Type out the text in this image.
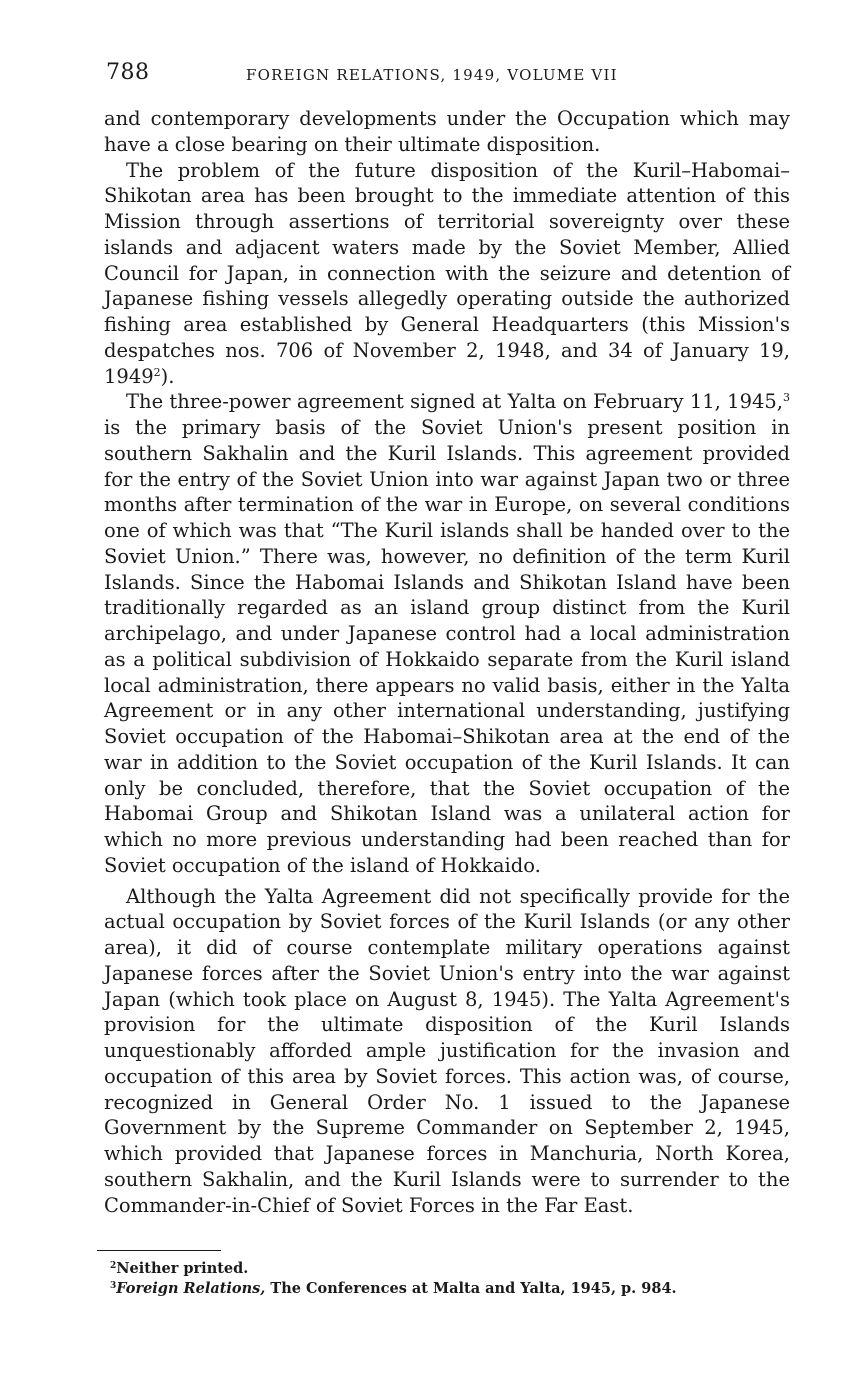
788	FOREIGN RELATIONS, 1949, VOLUME VII

and contemporary developments under the Occupation which may have a close bearing on their ultimate disposition.

The problem of the future disposition of the Kuril–Habomai–Shikotan area has been brought to the immediate attention of this Mission through assertions of territorial sovereignty over these islands and adjacent waters made by the Soviet Member, Allied Council for Japan, in connection with the seizure and detention of Japanese fishing vessels allegedly operating outside the authorized fishing area established by General Headquarters (this Mission's despatches nos. 706 of November 2, 1948, and 34 of January 19, 1949$^2$).

The three-power agreement signed at Yalta on February 11, 1945,$^3$ is the primary basis of the Soviet Union's present position in southern Sakhalin and the Kuril Islands. This agreement provided for the entry of the Soviet Union into war against Japan two or three months after termination of the war in Europe, on several conditions one of which was that “The Kuril islands shall be handed over to the Soviet Union.” There was, however, no definition of the term Kuril Islands. Since the Habomai Islands and Shikotan Island have been traditionally regarded as an island group distinct from the Kuril archipelago, and under Japanese control had a local administration as a political subdivision of Hokkaido separate from the Kuril island local administration, there appears no valid basis, either in the Yalta Agreement or in any other international understanding, justifying Soviet occupation of the Habomai–Shikotan area at the end of the war in addition to the Soviet occupation of the Kuril Islands. It can only be concluded, therefore, that the Soviet occupation of the Habomai Group and Shikotan Island was a unilateral action for which no more previous understanding had been reached than for Soviet occupation of the island of Hokkaido.

Although the Yalta Agreement did not specifically provide for the actual occupation by Soviet forces of the Kuril Islands (or any other area), it did of course contemplate military operations against Japanese forces after the Soviet Union's entry into the war against Japan (which took place on August 8, 1945). The Yalta Agreement's provision for the ultimate disposition of the Kuril Islands unquestionably afforded ample justification for the invasion and occupation of this area by Soviet forces. This action was, of course, recognized in General Order No. 1 issued to the Japanese Government by the Supreme Commander on September 2, 1945, which provided that Japanese forces in Manchuria, North Korea, southern Sakhalin, and the Kuril Islands were to surrender to the Commander-in-Chief of Soviet Forces in the Far East.

$^2$Neither printed.
$^3$Foreign Relations, The Conferences at Malta and Yalta, 1945, p. 984.
